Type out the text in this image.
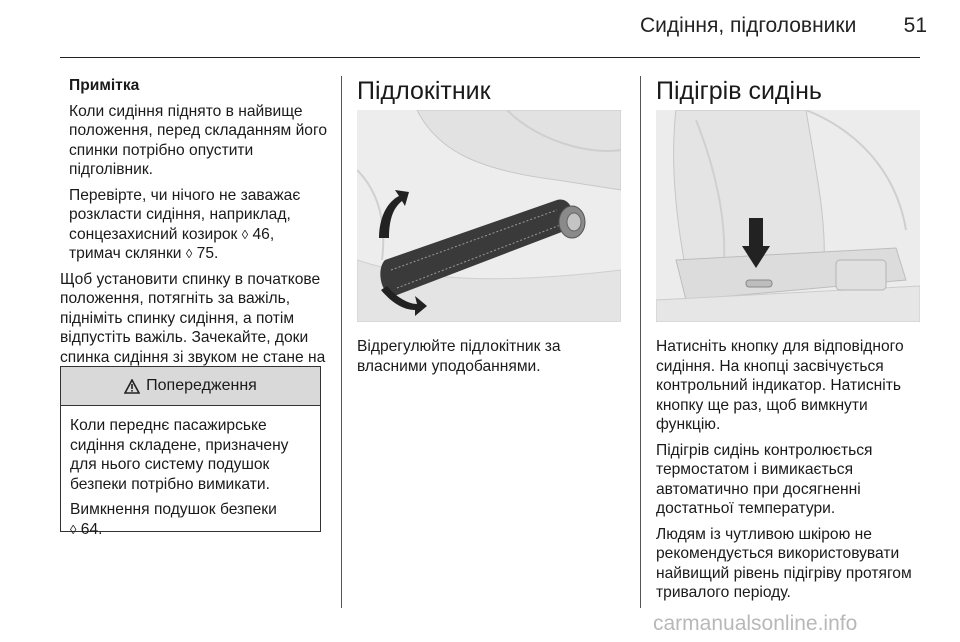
Сидіння, підголовники	51

Примітка

Коли сидіння піднято в найвище положення, перед складанням його спинки потрібно опустити підголівник.

Перевірте, чи нічого не заважає розкласти сидіння, наприклад, сонцезахисний козирок ◊ 46, тримач склянки ◊ 75.

Щоб установити спинку в початкове положення, потягніть за важіль, підніміть спинку сидіння, а потім відпустіть важіль. Зачекайте, доки спинка сидіння зі звуком не стане на

Попередження

Коли переднє пасажирське сидіння складене, призначену для нього систему подушок безпеки потрібно вимикати.

Вимкнення подушок безпеки
◊ 64.

Підлокітник

Відрегулюйте підлокітник за власними уподобаннями.

Підігрів сидінь

Натисніть кнопку для відповідного сидіння. На кнопці засвічується контрольний індикатор. Натисніть кнопку ще раз, щоб вимкнути функцію.

Підігрів сидінь контролюється термостатом і вимикається автоматично при досягненні достатньої температури.

Людям із чутливою шкірою не рекомендується використовувати найвищий рівень підігріву протягом тривалого періоду.

carmanualsonline.info
